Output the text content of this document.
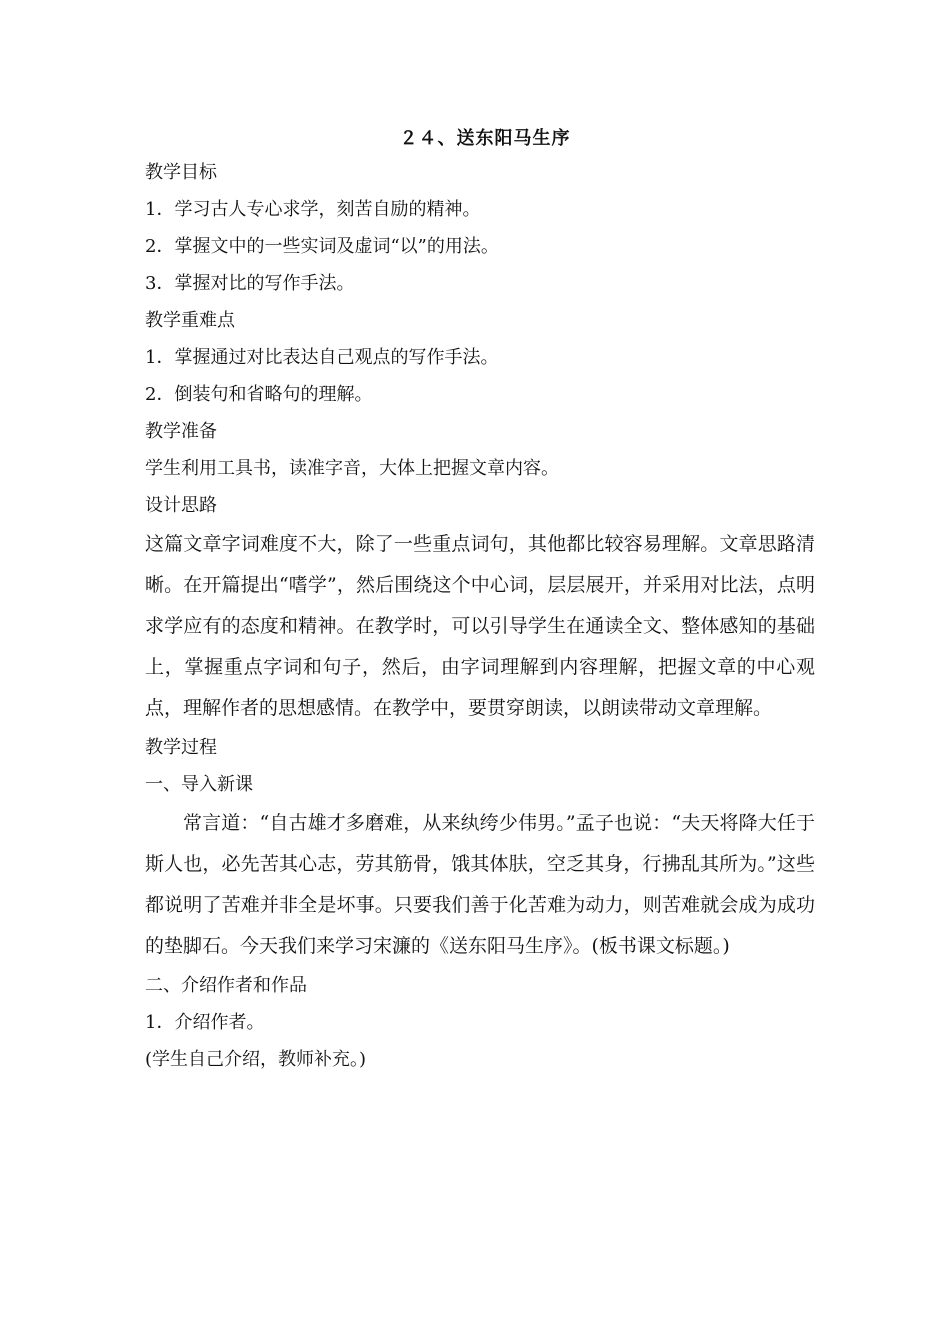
２４、送东阳马生序
教学目标
1．学习古人专心求学，刻苦自励的精神。
2．掌握文中的一些实词及虚词“以”的用法。
3．掌握对比的写作手法。
教学重难点
1．掌握通过对比表达自己观点的写作手法。
2．倒装句和省略句的理解。
教学准备
学生利用工具书，读准字音，大体上把握文章内容。
设计思路

这篇文章字词难度不大，除了一些重点词句，其他都比较容易理解。文章思路清晰。在开篇提出“嗜学”，然后围绕这个中心词，层层展开，并采用对比法，点明求学应有的态度和精神。在教学时，可以引导学生在通读全文、整体感知的基础上，掌握重点字词和句子，然后，由字词理解到内容理解，把握文章的中心观点，理解作者的思想感情。在教学中，要贯穿朗读，以朗读带动文章理解。

教学过程
一、导入新课

常言道：“自古雄才多磨难，从来纨绔少伟男。”孟子也说：“夫天将降大任于斯人也，必先苦其心志，劳其筋骨，饿其体肤，空乏其身，行拂乱其所为。”这些都说明了苦难并非全是坏事。只要我们善于化苦难为动力，则苦难就会成为成功的垫脚石。今天我们来学习宋濂的《送东阳马生序》。(板书课文标题。)

二、介绍作者和作品
1．介绍作者。
(学生自己介绍，教师补充。)
